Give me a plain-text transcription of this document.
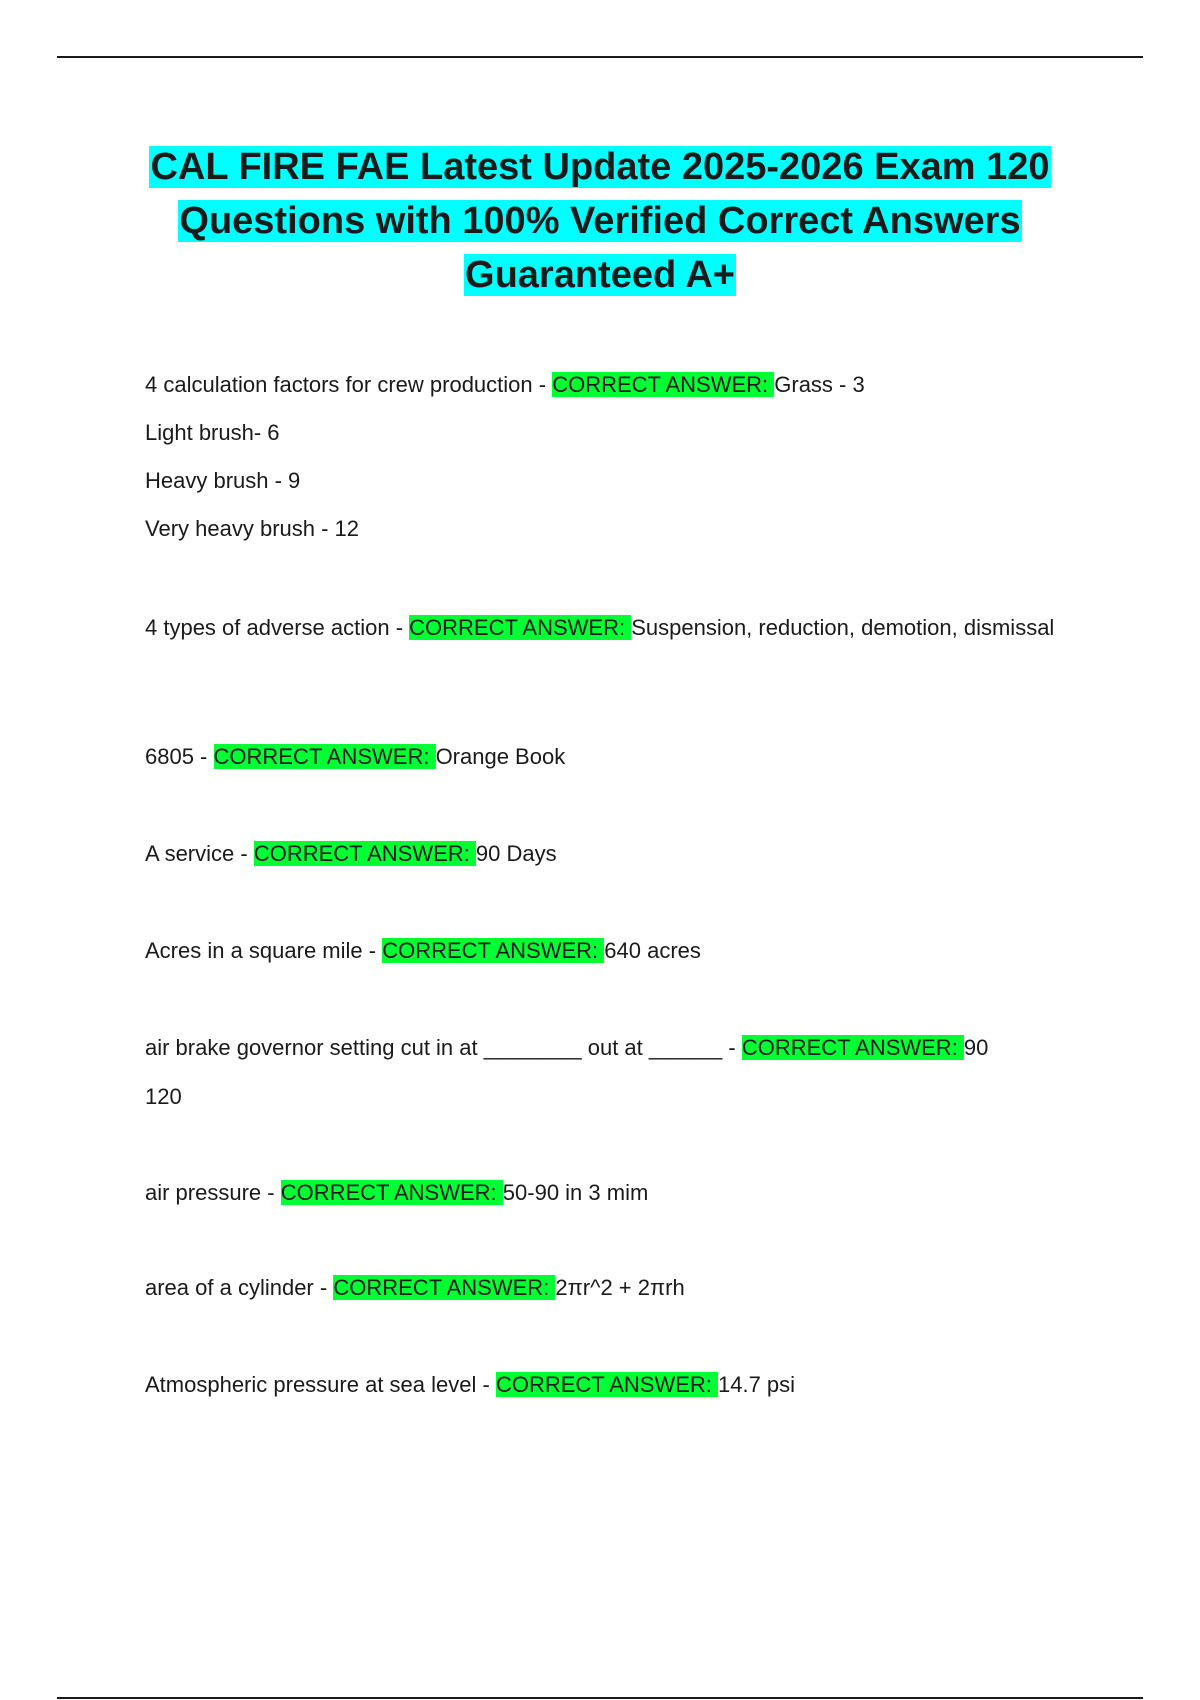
CAL FIRE FAE Latest Update 2025-2026 Exam 120 Questions with 100% Verified Correct Answers Guaranteed A+
4 calculation factors for crew production - CORRECT ANSWER: Grass - 3
Light brush- 6
Heavy brush - 9
Very heavy brush - 12
4 types of adverse action - CORRECT ANSWER: Suspension, reduction, demotion, dismissal
6805 - CORRECT ANSWER: Orange Book
A service - CORRECT ANSWER: 90 Days
Acres in a square mile - CORRECT ANSWER: 640 acres
air brake governor setting cut in at ________ out at ______ - CORRECT ANSWER: 90
120
air pressure - CORRECT ANSWER: 50-90 in 3 mim
area of a cylinder - CORRECT ANSWER: 2πr^2 + 2πrh
Atmospheric pressure at sea level - CORRECT ANSWER: 14.7 psi
